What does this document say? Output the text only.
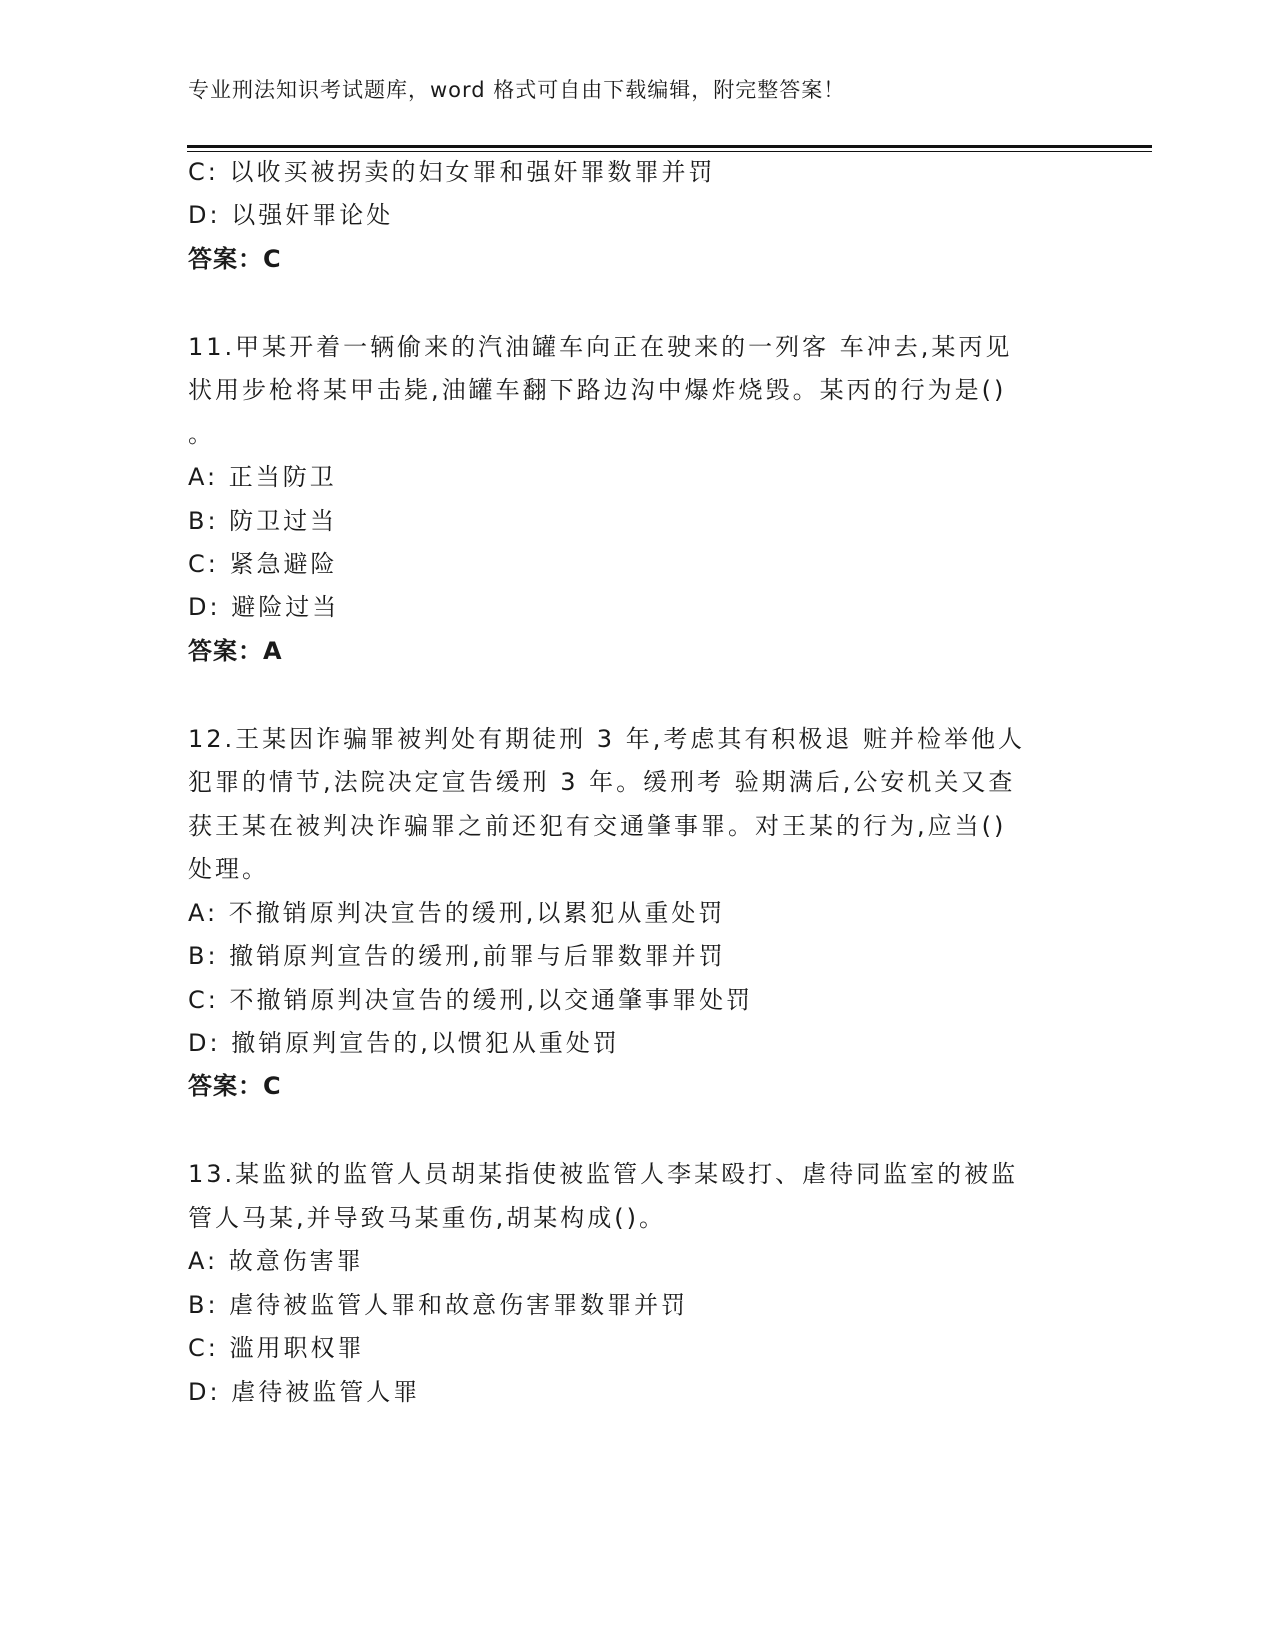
专业刑法知识考试题库，word 格式可自由下载编辑，附完整答案！
C: 以收买被拐卖的妇女罪和强奸罪数罪并罚
D: 以强奸罪论处
答案：C
11.甲某开着一辆偷来的汽油罐车向正在驶来的一列客 车冲去,某丙见
状用步枪将某甲击毙,油罐车翻下路边沟中爆炸烧毁。某丙的行为是()
。
A: 正当防卫
B: 防卫过当
C: 紧急避险
D: 避险过当
答案：A
12.王某因诈骗罪被判处有期徒刑 3 年,考虑其有积极退 赃并检举他人
犯罪的情节,法院决定宣告缓刑 3 年。缓刑考 验期满后,公安机关又查
获王某在被判决诈骗罪之前还犯有交通肇事罪。对王某的行为,应当()
处理。
A: 不撤销原判决宣告的缓刑,以累犯从重处罚
B: 撤销原判宣告的缓刑,前罪与后罪数罪并罚
C: 不撤销原判决宣告的缓刑,以交通肇事罪处罚
D: 撤销原判宣告的,以惯犯从重处罚
答案：C
13.某监狱的监管人员胡某指使被监管人李某殴打、虐待同监室的被监
管人马某,并导致马某重伤,胡某构成()。
A: 故意伤害罪
B: 虐待被监管人罪和故意伤害罪数罪并罚
C: 滥用职权罪
D: 虐待被监管人罪
